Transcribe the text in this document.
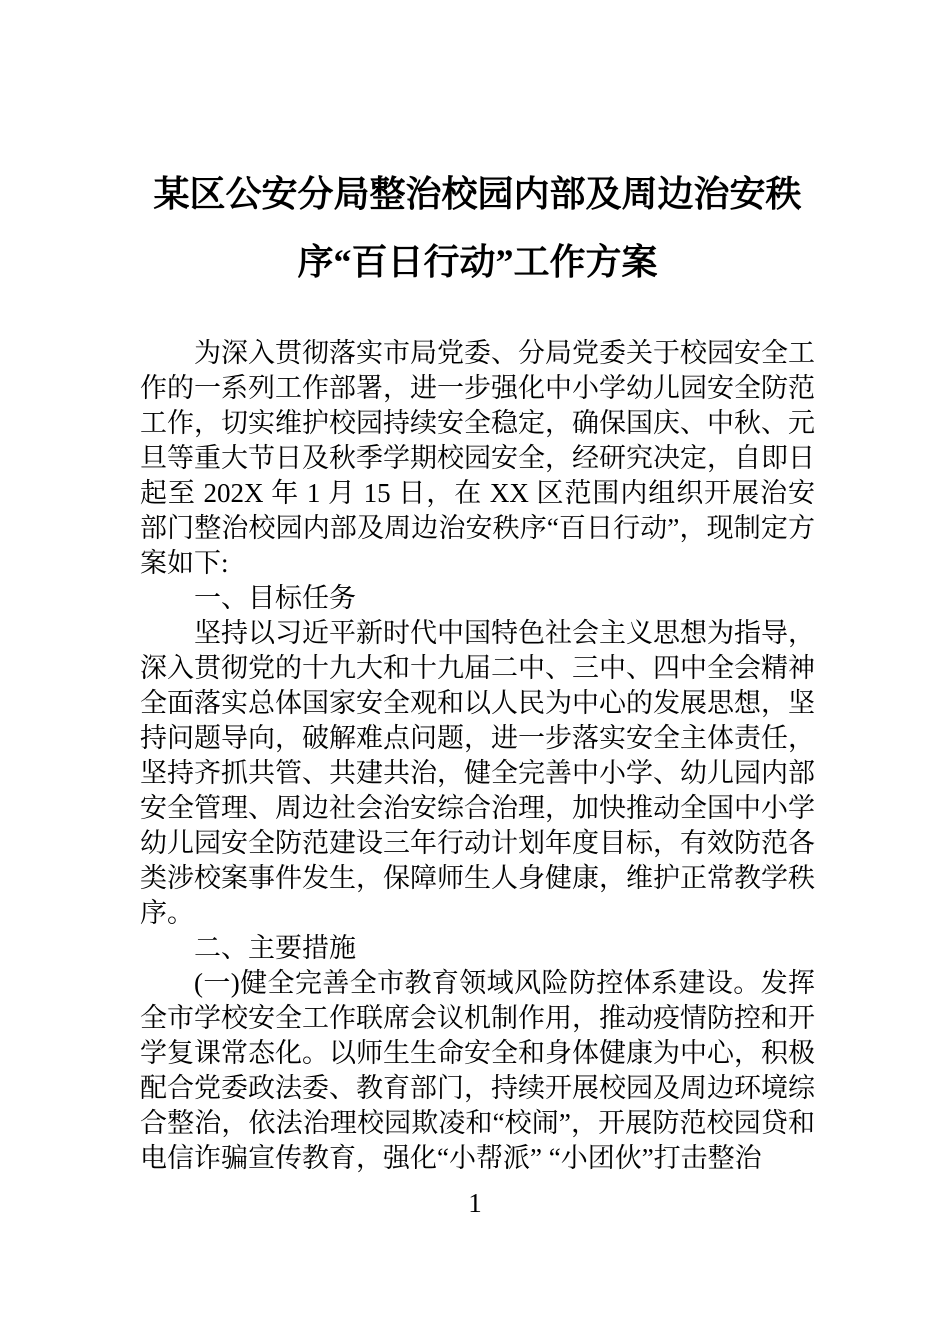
某区公安分局整治校园内部及周边治安秩序“百日行动”工作方案

为深入贯彻落实市局党委、分局党委关于校园安全工作的一系列工作部署，进一步强化中小学幼儿园安全防范工作，切实维护校园持续安全稳定，确保国庆、中秋、元旦等重大节日及秋季学期校园安全，经研究决定，自即日起至 202X 年 1 月 15 日，在 XX 区范围内组织开展治安部门整治校园内部及周边治安秩序“百日行动”，现制定方案如下:

一、目标任务

坚持以习近平新时代中国特色社会主义思想为指导，深入贯彻党的十九大和十九届二中、三中、四中全会精神全面落实总体国家安全观和以人民为中心的发展思想，坚持问题导向，破解难点问题，进一步落实安全主体责任，坚持齐抓共管、共建共治，健全完善中小学、幼儿园内部安全管理、周边社会治安综合治理，加快推动全国中小学幼儿园安全防范建设三年行动计划年度目标，有效防范各类涉校案事件发生，保障师生人身健康，维护正常教学秩序。

二、主要措施

(一)健全完善全市教育领域风险防控体系建设。发挥全市学校安全工作联席会议机制作用，推动疫情防控和开学复课常态化。以师生生命安全和身体健康为中心，积极配合党委政法委、教育部门，持续开展校园及周边环境综合整治，依法治理校园欺凌和“校闹”，开展防范校园贷和电信诈骗宣传教育，强化“小帮派” “小团伙”打击整治

1
